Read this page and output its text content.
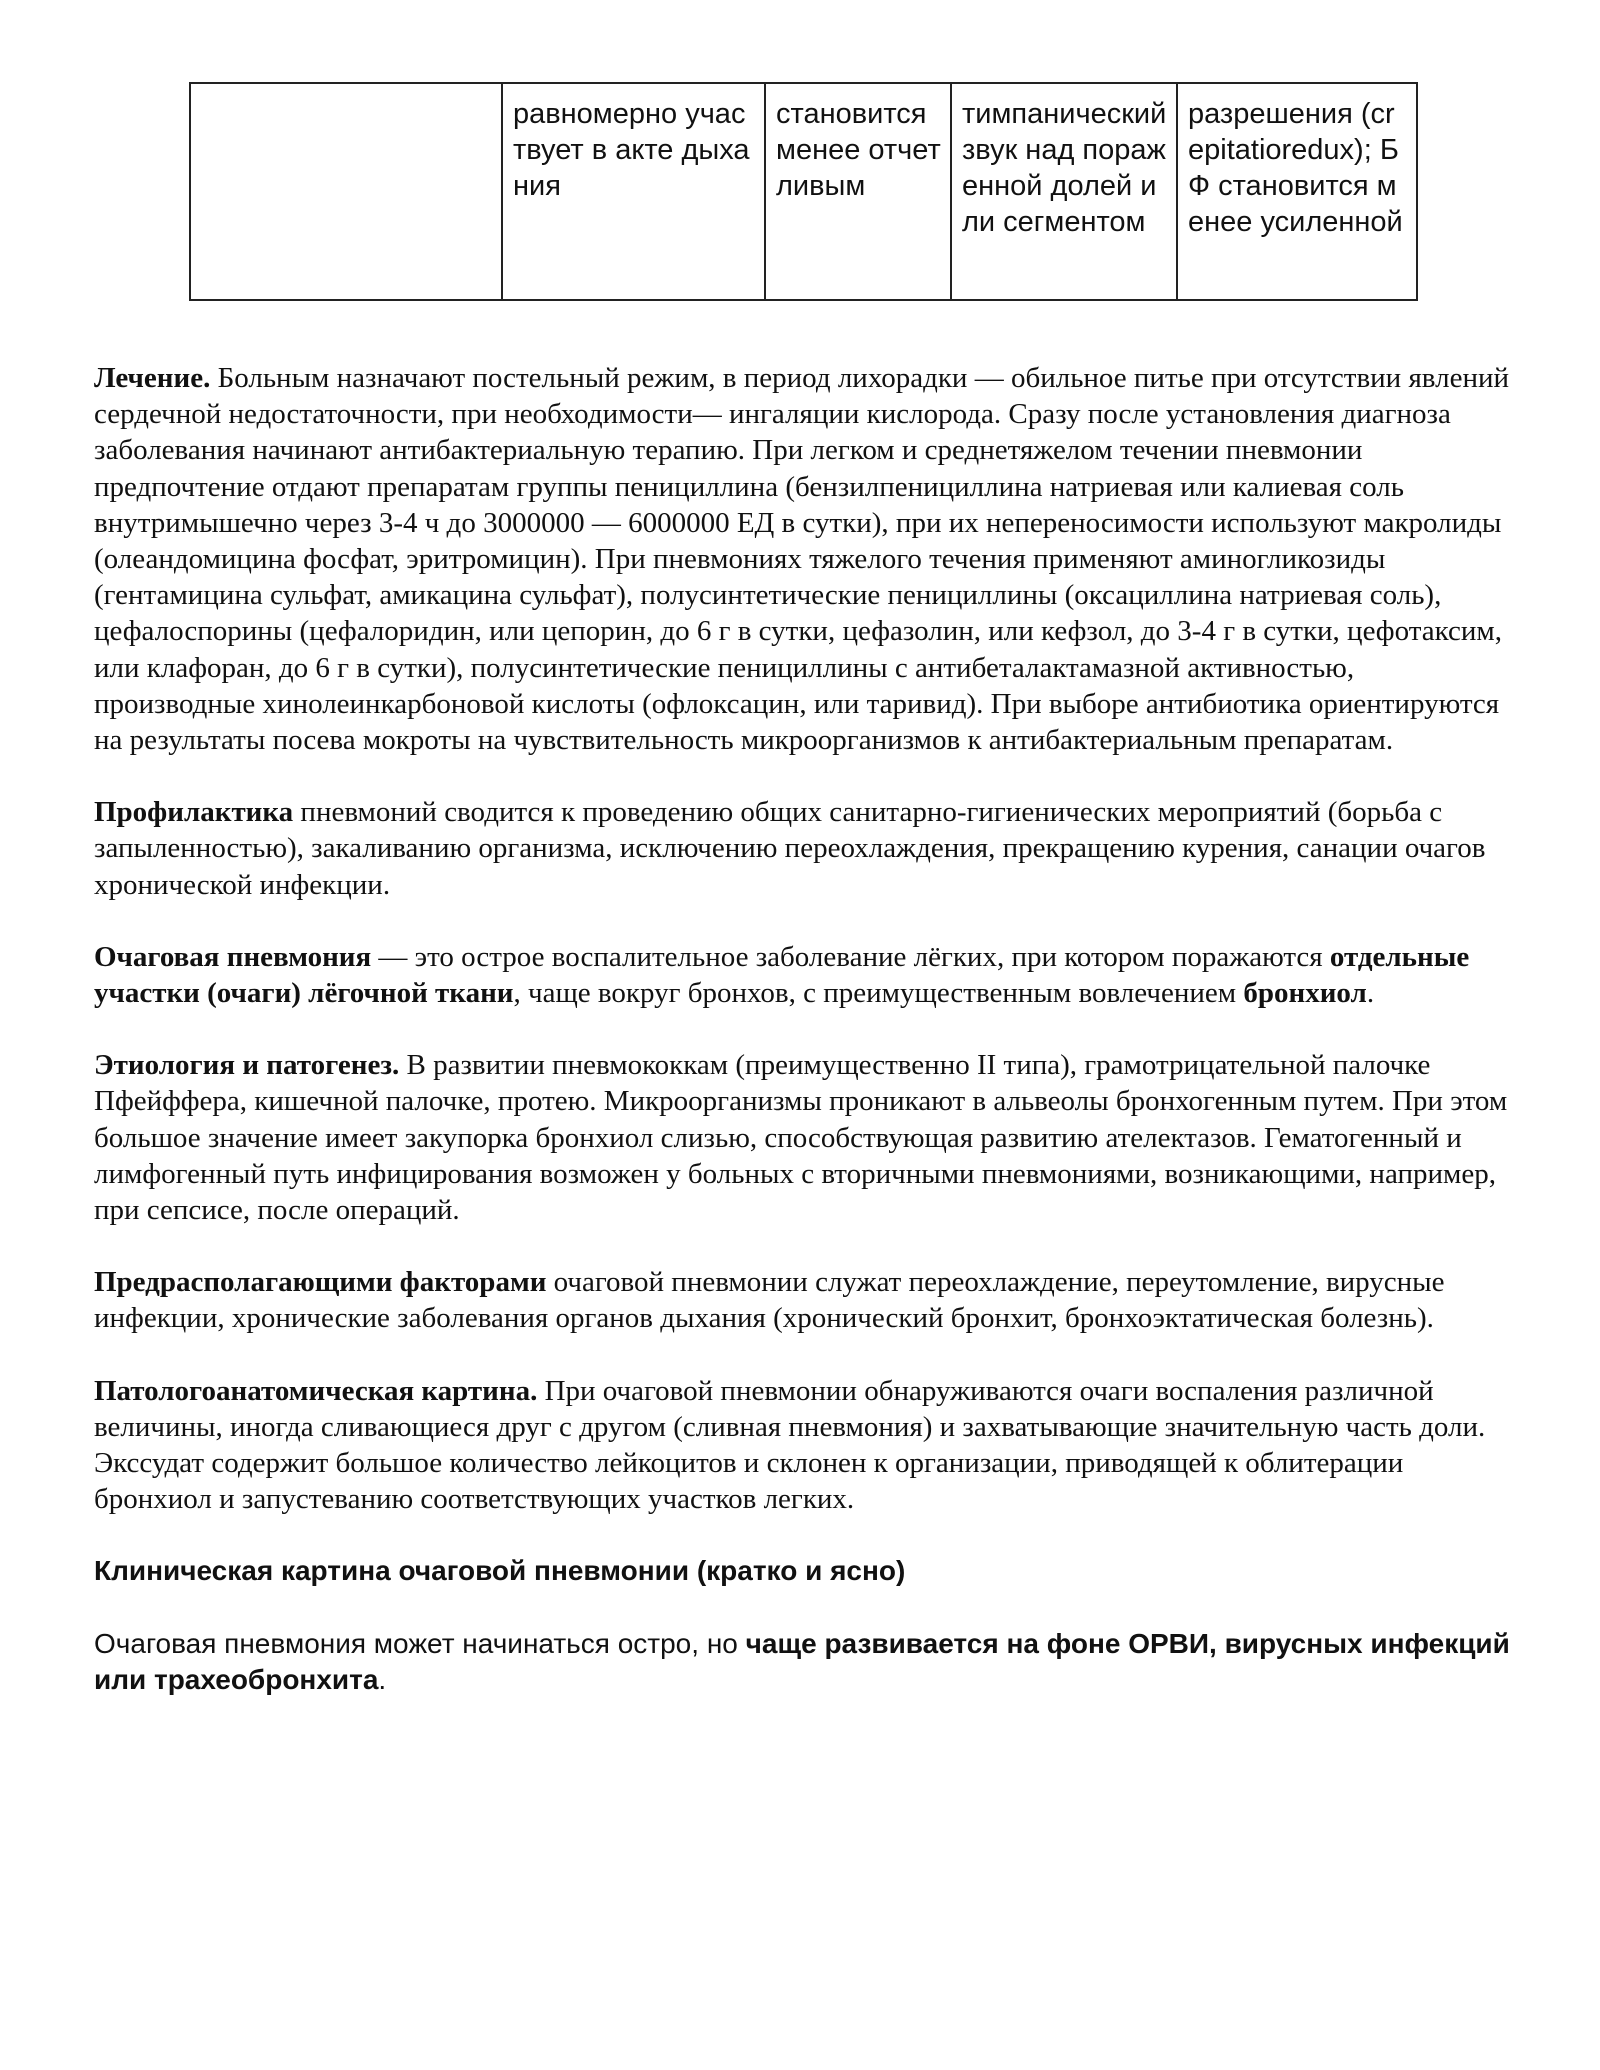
	равномерно участвует в акте дыхания	становится менее отчетливым	тимпанический звук над пораженной долей или сегментом	разрешения (crepitatioredux); БФ становится менее усиленной

Лечение. Больным назначают постельный режим, в период лихорадки — обильное питье при отсутствии явлений сердечной недостаточности, при необходимости— ингаляции кислорода. Сразу после установления диагноза заболевания начинают антибактериальную терапию. При легком и среднетяжелом течении пневмонии предпочтение отдают препаратам группы пенициллина (бензилпенициллина натриевая или калиевая соль внутримышечно через 3-4 ч до 3000000 — 6000000 ЕД в сутки), при их непереносимости используют макролиды (олеандомицина фосфат, эритромицин). При пневмониях тяжелого течения применяют аминогликозиды (гентамицина сульфат, амикацина сульфат), полусинтетические пенициллины (оксациллина натриевая соль), цефалоспорины (цефалоридин, или цепорин, до 6 г в сутки, цефазолин, или кефзол, до 3-4 г в сутки, цефотаксим, или клафоран, до 6 г в сутки), полусинтетические пенициллины с антибеталактамазной активностью, производные хинолеинкарбоновой кислоты (офлоксацин, или таривид). При выборе антибиотика ориентируются на результаты посева мокроты на чувствительность микроорганизмов к антибактериальным препаратам.

Профилактика пневмоний сводится к проведению общих санитарно-гигиенических мероприятий (борьба с запыленностью), закаливанию организма, исключению переохлаждения, прекращению курения, санации очагов хронической инфекции.

Очаговая пневмония — это острое воспалительное заболевание лёгких, при котором поражаются отдельные участки (очаги) лёгочной ткани, чаще вокруг бронхов, с преимущественным вовлечением бронхиол.

Этиология и патогенез. В развитии пневмококкам (преимущественно II типа), грамотрицательной палочке Пфейффера, кишечной палочке, протею. Микроорганизмы проникают в альвеолы бронхогенным путем. При этом большое значение имеет закупорка бронхиол слизью, способствующая развитию ателектазов. Гематогенный и лимфогенный путь инфицирования возможен у больных с вторичными пневмониями, возникающими, например, при сепсисе, после операций.

Предрасполагающими факторами очаговой пневмонии служат переохлаждение, переутомление, вирусные инфекции, хронические заболевания органов дыхания (хронический бронхит, бронхоэктатическая болезнь).

Патологоанатомическая картина. При очаговой пневмонии обнаруживаются очаги воспаления различной величины, иногда сливающиеся друг с другом (сливная пневмония) и захватывающие значительную часть доли. Экссудат содержит большое количество лейкоцитов и склонен к организации, приводящей к облитерации бронхиол и запустеванию соответствующих участков легких.

Клиническая картина очаговой пневмонии (кратко и ясно)

Очаговая пневмония может начинаться остро, но чаще развивается на фоне ОРВИ, вирусных инфекций или трахеобронхита.
